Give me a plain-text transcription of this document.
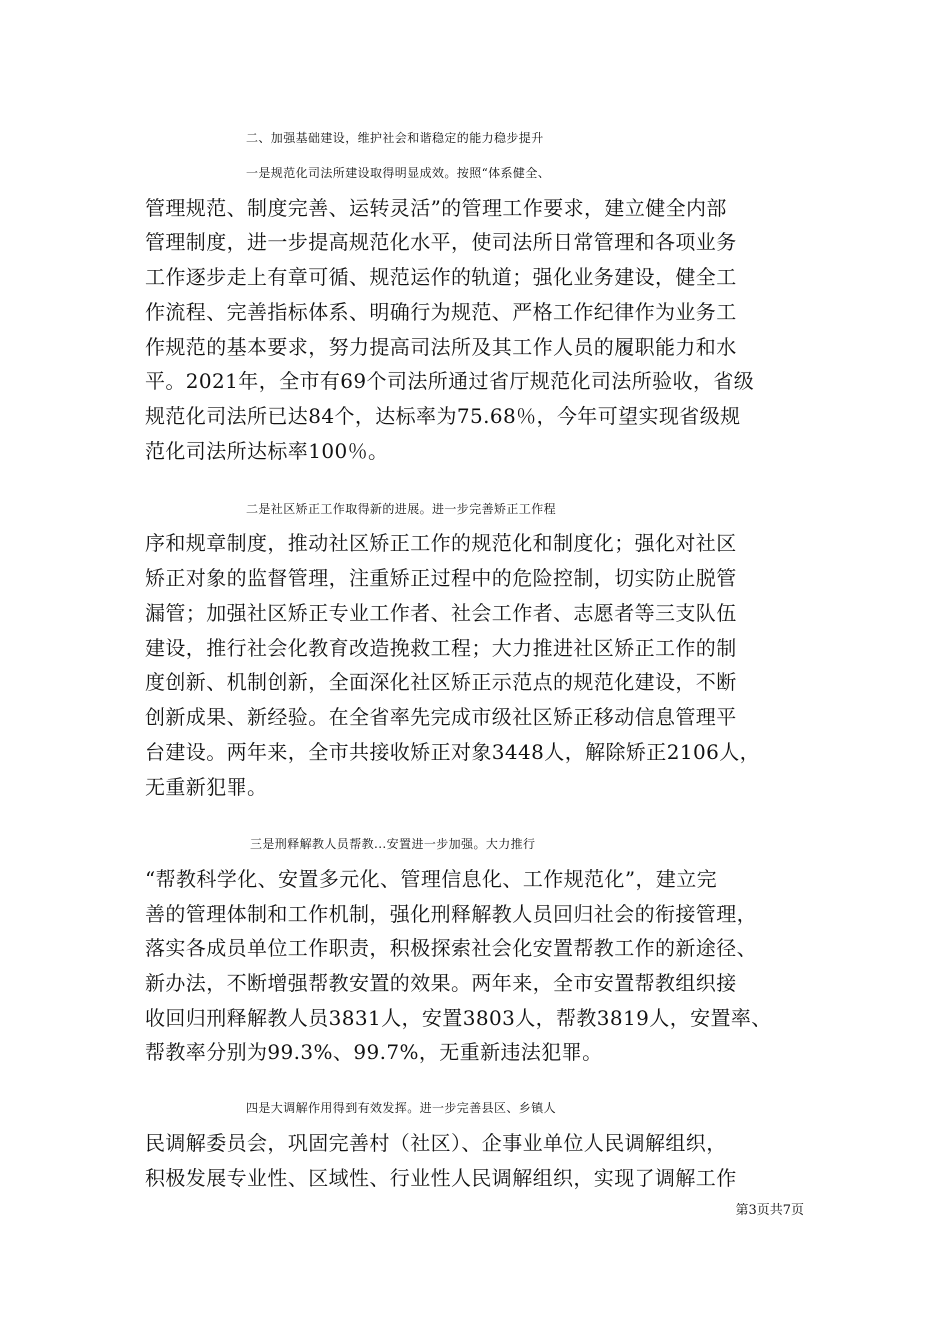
二、加强基础建设，维护社会和谐稳定的能力稳步提升
一是规范化司法所建设取得明显成效。按照“体系健全、
管理规范、制度完善、运转灵活”的管理工作要求，建立健全内部
管理制度，进一步提高规范化水平，使司法所日常管理和各项业务
工作逐步走上有章可循、规范运作的轨道；强化业务建设，健全工
作流程、完善指标体系、明确行为规范、严格工作纪律作为业务工
作规范的基本要求，努力提高司法所及其工作人员的履职能力和水
平。2021年，全市有69个司法所通过省厅规范化司法所验收，省级
规范化司法所已达84个，达标率为75.68％，今年可望实现省级规
范化司法所达标率100％。
二是社区矫正工作取得新的进展。进一步完善矫正工作程
序和规章制度，推动社区矫正工作的规范化和制度化；强化对社区
矫正对象的监督管理，注重矫正过程中的危险控制，切实防止脱管
漏管；加强社区矫正专业工作者、社会工作者、志愿者等三支队伍
建设，推行社会化教育改造挽救工程；大力推进社区矫正工作的制
度创新、机制创新，全面深化社区矫正示范点的规范化建设，不断
创新成果、新经验。在全省率先完成市级社区矫正移动信息管理平
台建设。两年来，全市共接收矫正对象3448人，解除矫正2106人，
无重新犯罪。
三是刑释解教人员帮教...安置进一步加强。大力推行
“帮教科学化、安置多元化、管理信息化、工作规范化”，建立完
善的管理体制和工作机制，强化刑释解教人员回归社会的衔接管理，
落实各成员单位工作职责，积极探索社会化安置帮教工作的新途径、
新办法，不断增强帮教安置的效果。两年来，全市安置帮教组织接
收回归刑释解教人员3831人，安置3803人，帮教3819人，安置率、
帮教率分别为99.3%、99.7%，无重新违法犯罪。
四是大调解作用得到有效发挥。进一步完善县区、乡镇人
民调解委员会，巩固完善村（社区）、企事业单位人民调解组织，
积极发展专业性、区域性、行业性人民调解组织，实现了调解工作
第3页共7页
